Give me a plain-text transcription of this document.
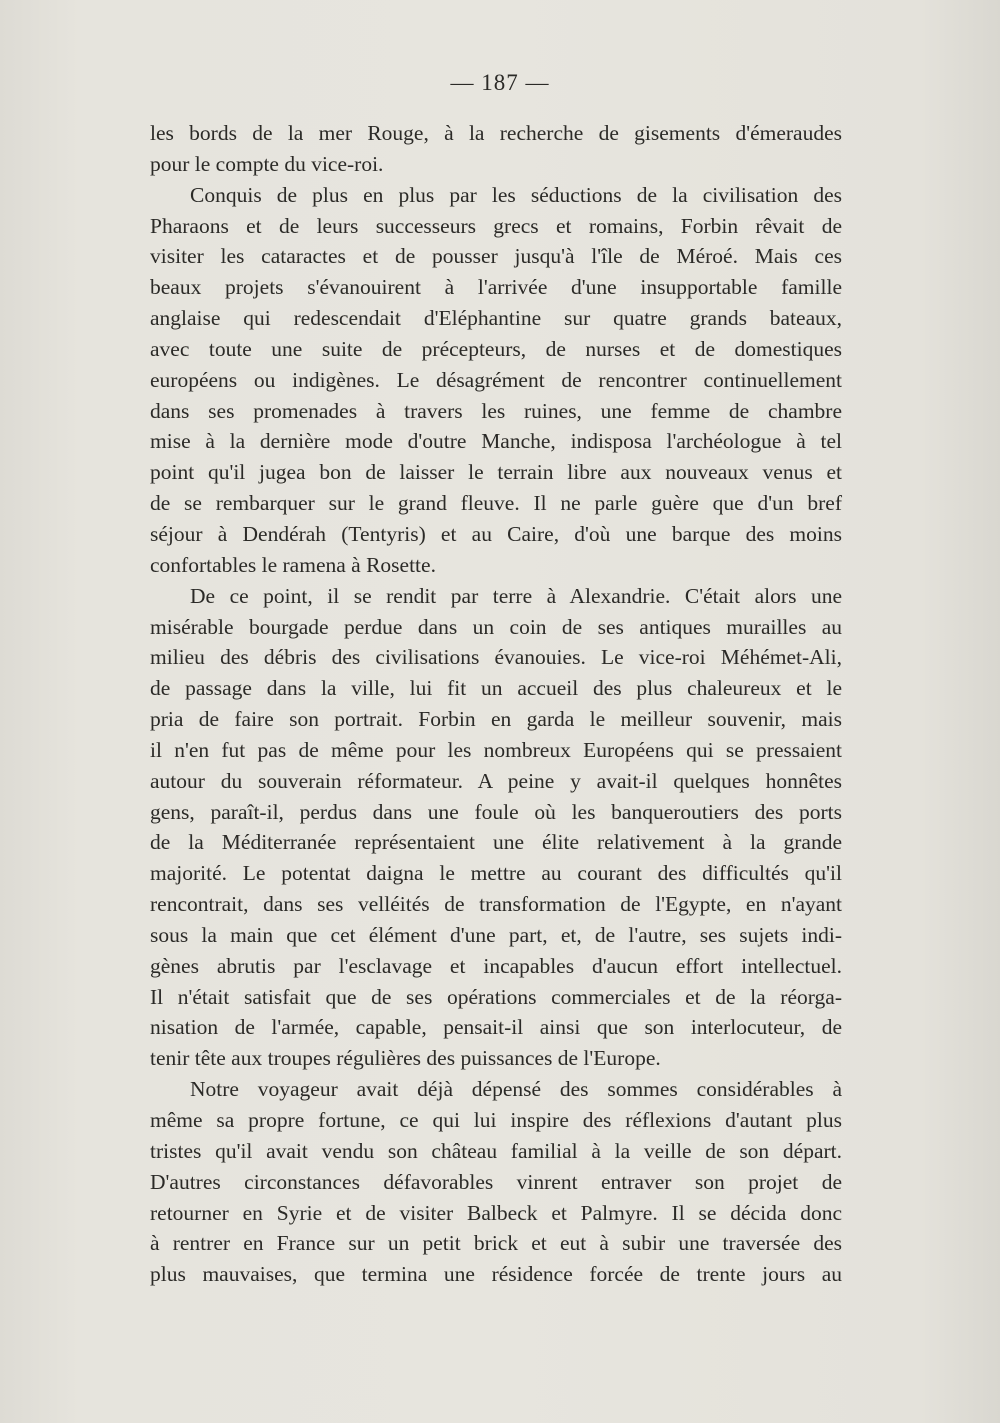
— 187 —
les bords de la mer Rouge, à la recherche de gisements d'émeraudes
pour le compte du vice-roi.
Conquis de plus en plus par les séductions de la civilisation des
Pharaons et de leurs successeurs grecs et romains, Forbin rêvait de
visiter les cataractes et de pousser jusqu'à l'île de Méroé. Mais ces
beaux projets s'évanouirent à l'arrivée d'une insupportable famille
anglaise qui redescendait d'Eléphantine sur quatre grands bateaux,
avec toute une suite de précepteurs, de nurses et de domestiques
européens ou indigènes. Le désagrément de rencontrer continuellement
dans ses promenades à travers les ruines, une femme de chambre
mise à la dernière mode d'outre Manche, indisposa l'archéologue à tel
point qu'il jugea bon de laisser le terrain libre aux nouveaux venus et
de se rembarquer sur le grand fleuve. Il ne parle guère que d'un bref
séjour à Dendérah (Tentyris) et au Caire, d'où une barque des moins
confortables le ramena à Rosette.
De ce point, il se rendit par terre à Alexandrie. C'était alors une
misérable bourgade perdue dans un coin de ses antiques murailles au
milieu des débris des civilisations évanouies. Le vice-roi Méhémet-Ali,
de passage dans la ville, lui fit un accueil des plus chaleureux et le
pria de faire son portrait. Forbin en garda le meilleur souvenir, mais
il n'en fut pas de même pour les nombreux Européens qui se pressaient
autour du souverain réformateur. A peine y avait-il quelques honnêtes
gens, paraît-il, perdus dans une foule où les banqueroutiers des ports
de la Méditerranée représentaient une élite relativement à la grande
majorité. Le potentat daigna le mettre au courant des difficultés qu'il
rencontrait, dans ses velléités de transformation de l'Egypte, en n'ayant
sous la main que cet élément d'une part, et, de l'autre, ses sujets indi-
gènes abrutis par l'esclavage et incapables d'aucun effort intellectuel.
Il n'était satisfait que de ses opérations commerciales et de la réorga-
nisation de l'armée, capable, pensait-il ainsi que son interlocuteur, de
tenir tête aux troupes régulières des puissances de l'Europe.
Notre voyageur avait déjà dépensé des sommes considérables à
même sa propre fortune, ce qui lui inspire des réflexions d'autant plus
tristes qu'il avait vendu son château familial à la veille de son départ.
D'autres circonstances défavorables vinrent entraver son projet de
retourner en Syrie et de visiter Balbeck et Palmyre. Il se décida donc
à rentrer en France sur un petit brick et eut à subir une traversée des
plus mauvaises, que termina une résidence forcée de trente jours au
